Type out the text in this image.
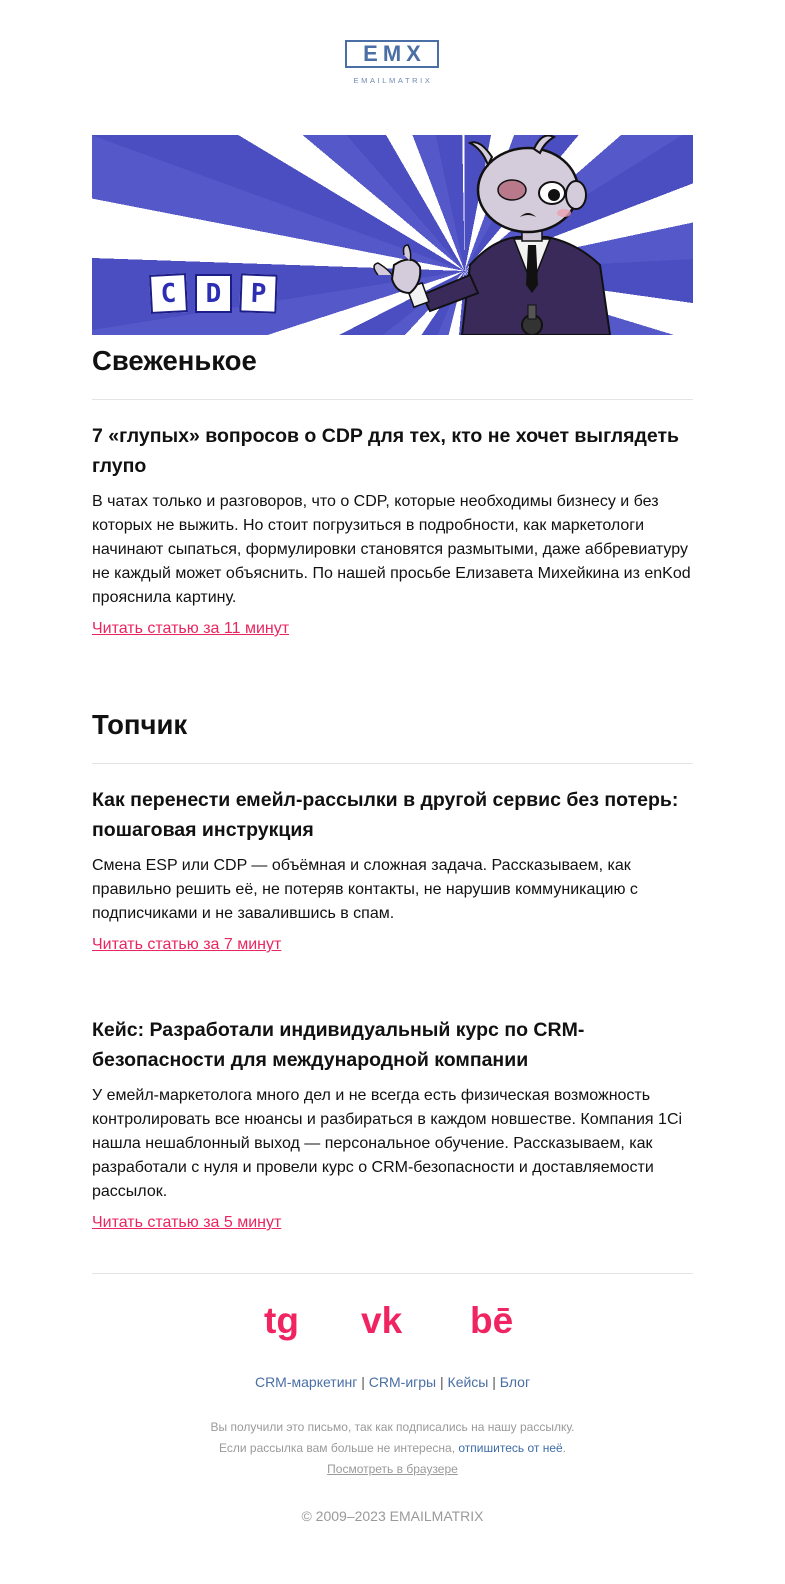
EMX
EMAILMATRIX
C	D	P
Свеженькое
7 «глупых» вопросов о CDP для тех, кто не хочет выглядеть глупо

В чатах только и разговоров, что о CDP, которые необходимы бизнесу и без которых не выжить. Но стоит погрузиться в подробности, как маркетологи начинают сыпаться, формулировки становятся размытыми, даже аббревиатуру не каждый может объяснить. По нашей просьбе Елизавета Михейкина из enKod прояснила картину.

Читать статью за 11 минут
Топчик
Как перенести емейл-рассылки в другой сервис без потерь: пошаговая инструкция

Смена ESP или CDP — объёмная и сложная задача. Рассказываем, как правильно решить её, не потеряв контакты, не нарушив коммуникацию с подписчиками и не завалившись в спам.

Читать статью за 7 минут
Кейс: Разработали индивидуальный курс по CRM-безопасности для международной компании

У емейл-маркетолога много дел и не всегда есть физическая возможность контролировать все нюансы и разбираться в каждом новшестве. Компания 1Ci нашла нешаблонный выход — персональное обучение. Рассказываем, как разработали с нуля и провели курс о CRM-безопасности и доставляемости рассылок.

Читать статью за 5 минут
tg vk bē
CRM-маркетинг | CRM-игры | Кейсы | Блог
Вы получили это письмо, так как подписались на нашу рассылку.
Если рассылка вам больше не интересна, отпишитесь от неё.
Посмотреть в браузере
© 2009–2023 EMAILMATRIX
